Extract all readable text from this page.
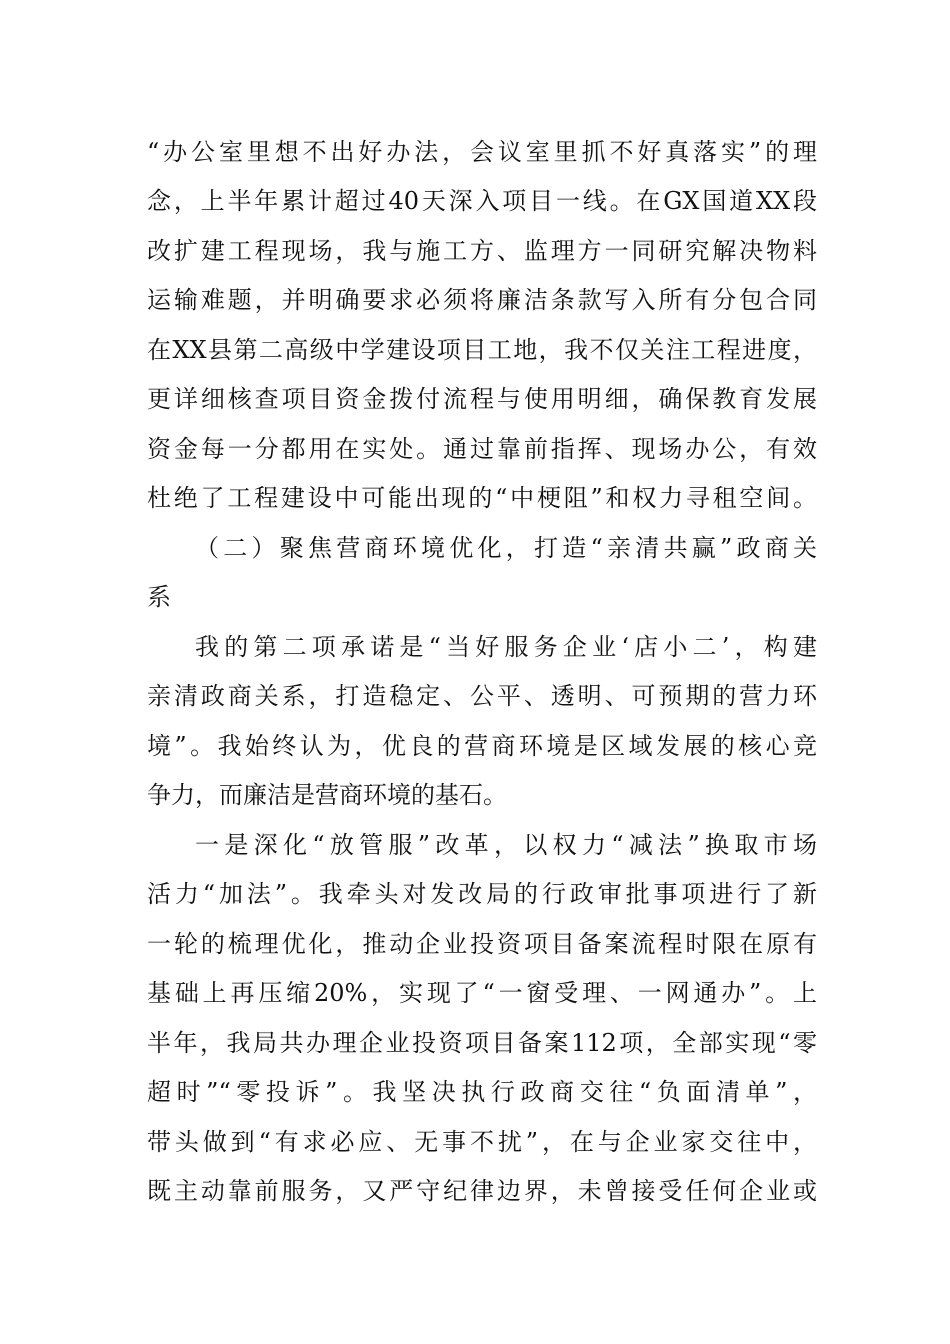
“办公室里想不出好办法，会议室里抓不好真落实”的理
念，上半年累计超过40天深入项目一线。在GX国道XX段
改扩建工程现场，我与施工方、监理方一同研究解决物料
运输难题，并明确要求必须将廉洁条款写入所有分包合同
在XX县第二高级中学建设项目工地，我不仅关注工程进度，
更详细核查项目资金拨付流程与使用明细，确保教育发展
资金每一分都用在实处。通过靠前指挥、现场办公，有效
杜绝了工程建设中可能出现的“中梗阻”和权力寻租空间。
（二）聚焦营商环境优化，打造“亲清共赢”政商关
系
我的第二项承诺是“当好服务企业‘店小二’，构建
亲清政商关系，打造稳定、公平、透明、可预期的营力环
境”。我始终认为，优良的营商环境是区域发展的核心竞
争力，而廉洁是营商环境的基石。
一是深化“放管服”改革，以权力“减法”换取市场
活力“加法”。我牵头对发改局的行政审批事项进行了新
一轮的梳理优化，推动企业投资项目备案流程时限在原有
基础上再压缩20%，实现了“一窗受理、一网通办”。上
半年，我局共办理企业投资项目备案112项，全部实现“零
超时”“零投诉”。我坚决执行政商交往“负面清单”，
带头做到“有求必应、无事不扰”，在与企业家交往中，
既主动靠前服务，又严守纪律边界，未曾接受任何企业或
